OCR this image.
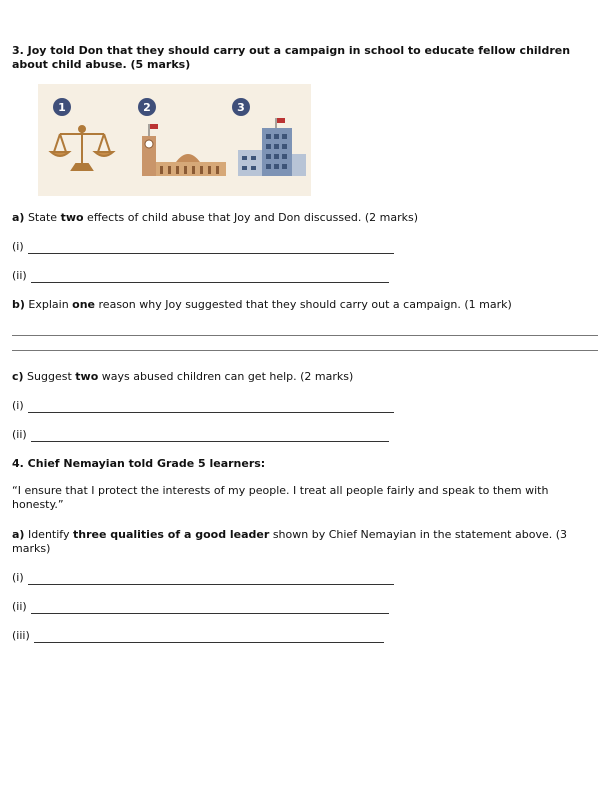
3. Joy told Don that they should carry out a campaign in school to educate fellow children about child abuse. (5 marks)
1	2	3
a) State two effects of child abuse that Joy and Don discussed. (2 marks)
(i)
(ii)
b) Explain one reason why Joy suggested that they should carry out a campaign. (1 mark)
c) Suggest two ways abused children can get help. (2 marks)
(i)
(ii)
4. Chief Nemayian told Grade 5 learners:
“I ensure that I protect the interests of my people. I treat all people fairly and speak to them with honesty.”
a) Identify three qualities of a good leader shown by Chief Nemayian in the statement above. (3 marks)
(i)
(ii)
(iii)
